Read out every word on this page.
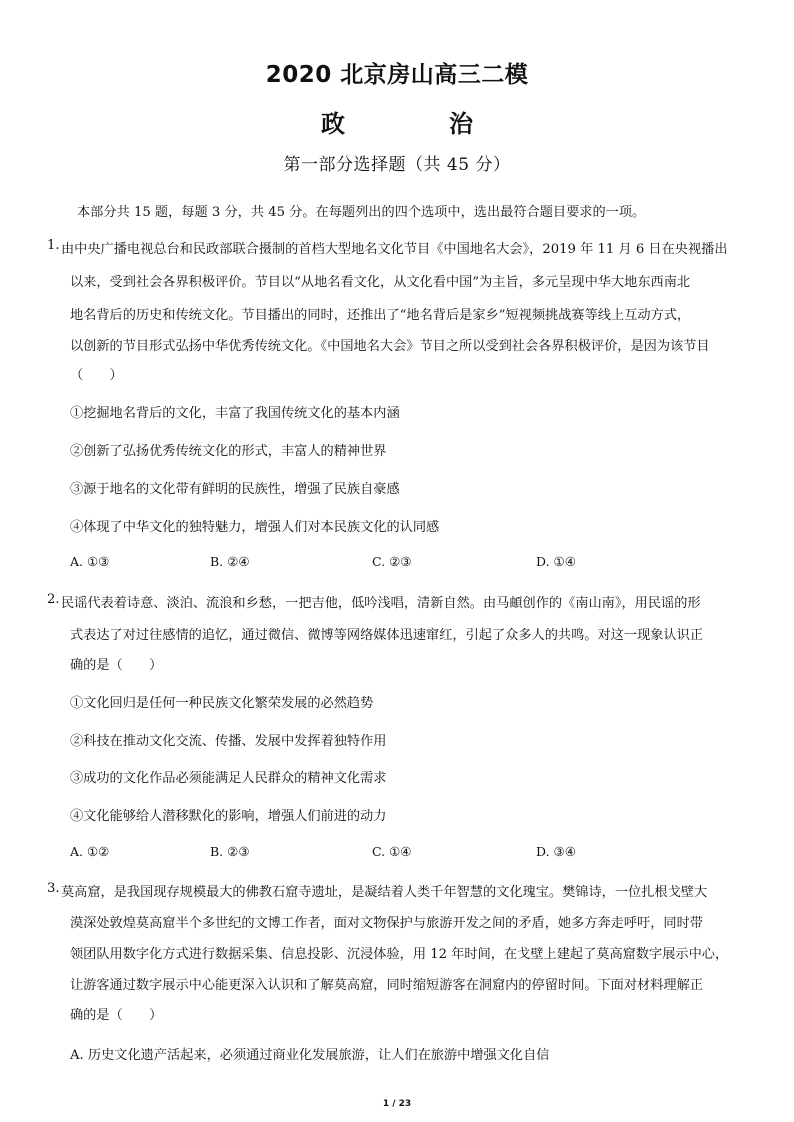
2020 北京房山高三二模
政　治
第一部分选择题（共 45 分）
本部分共 15 题，每题 3 分，共 45 分。在每题列出的四个选项中，选出最符合题目要求的一项。
1. 由中央广播电视总台和民政部联合摄制的首档大型地名文化节目《中国地名大会》，2019 年 11 月 6 日在央视播出
以来，受到社会各界积极评价。节目以“从地名看文化，从文化看中国”为主旨，多元呈现中华大地东西南北
地名背后的历史和传统文化。节目播出的同时，还推出了“地名背后是家乡”短视频挑战赛等线上互动方式，
以创新的节目形式弘扬中华优秀传统文化。《中国地名大会》节目之所以受到社会各界积极评价，是因为该节目
（　　）
①挖掘地名背后的文化，丰富了我国传统文化的基本内涵
②创新了弘扬优秀传统文化的形式，丰富人的精神世界
③源于地名的文化带有鲜明的民族性，增强了民族自豪感
④体现了中华文化的独特魅力，增强人们对本民族文化的认同感
A. ①③	B. ②④	C. ②③	D. ①④
2. 民谣代表着诗意、淡泊、流浪和乡愁，一把吉他，低吟浅唱，清新自然。由马頔创作的《南山南》，用民谣的形
式表达了对过往感情的追忆，通过微信、微博等网络媒体迅速窜红，引起了众多人的共鸣。对这一现象认识正
确的是（　　）
①文化回归是任何一种民族文化繁荣发展的必然趋势
②科技在推动文化交流、传播、发展中发挥着独特作用
③成功的文化作品必须能满足人民群众的精神文化需求
④文化能够给人潜移默化的影响，增强人们前进的动力
A. ①②	B. ②③	C. ①④	D. ③④
3. 莫高窟，是我国现存规模最大的佛教石窟寺遗址，是凝结着人类千年智慧的文化瑰宝。樊锦诗，一位扎根戈壁大
漠深处敦煌莫高窟半个多世纪的文博工作者，面对文物保护与旅游开发之间的矛盾，她多方奔走呼吁，同时带
领团队用数字化方式进行数据采集、信息投影、沉浸体验，用 12 年时间，在戈壁上建起了莫高窟数字展示中心，
让游客通过数字展示中心能更深入认识和了解莫高窟，同时缩短游客在洞窟内的停留时间。下面对材料理解正
确的是（　　）
A. 历史文化遗产活起来，必须通过商业化发展旅游，让人们在旅游中增强文化自信
1 / 23
